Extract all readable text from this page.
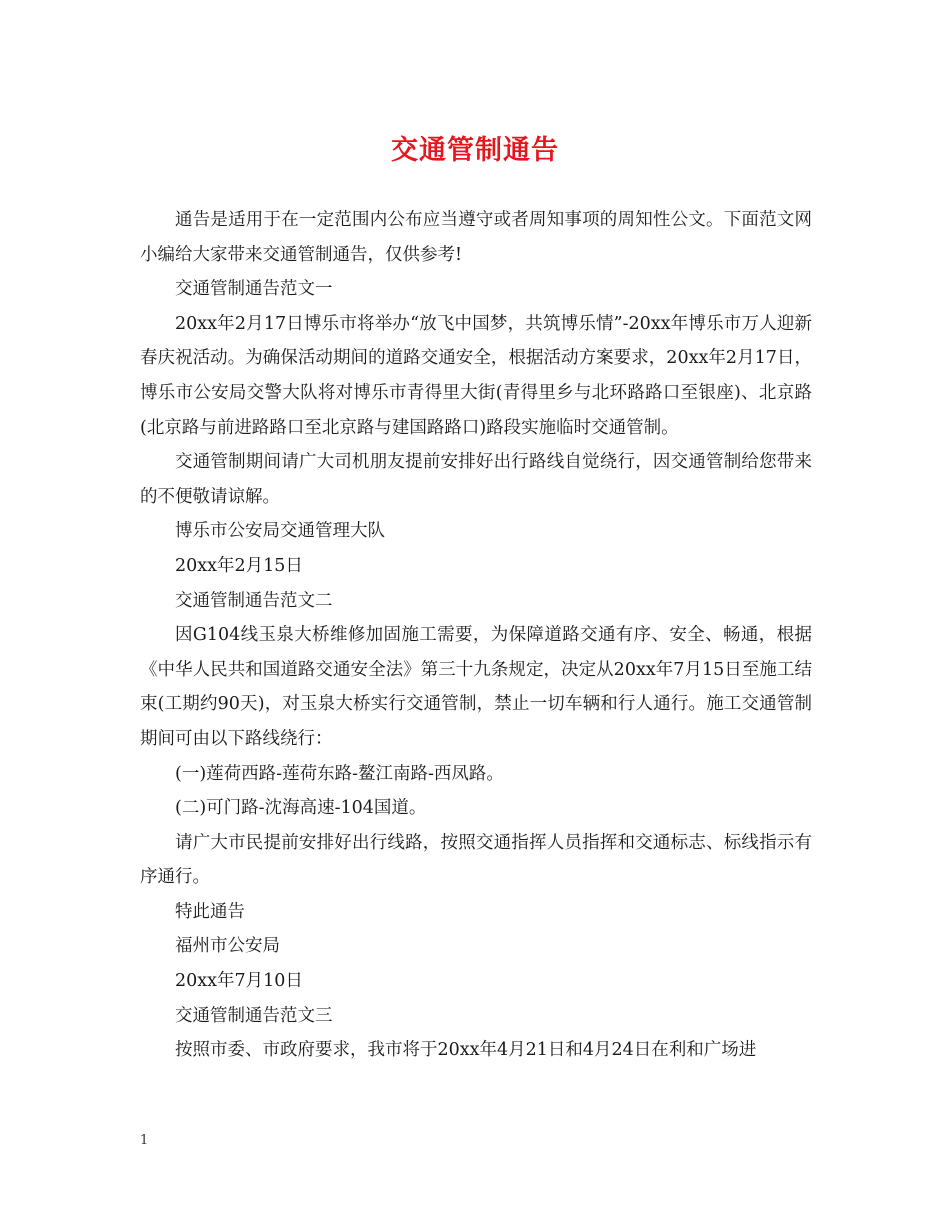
交通管制通告

通告是适用于在一定范围内公布应当遵守或者周知事项的周知性公文。下面范文网小编给大家带来交通管制通告，仅供参考!

交通管制通告范文一

20xx年2月17日博乐市将举办“放飞中国梦，共筑博乐情”-20xx年博乐市万人迎新春庆祝活动。为确保活动期间的道路交通安全，根据活动方案要求，20xx年2月17日，博乐市公安局交警大队将对博乐市青得里大街(青得里乡与北环路路口至银座)、北京路(北京路与前进路路口至北京路与建国路路口)路段实施临时交通管制。

交通管制期间请广大司机朋友提前安排好出行路线自觉绕行，因交通管制给您带来的不便敬请谅解。

博乐市公安局交通管理大队

20xx年2月15日

交通管制通告范文二

因G104线玉泉大桥维修加固施工需要，为保障道路交通有序、安全、畅通，根据《中华人民共和国道路交通安全法》第三十九条规定，决定从20xx年7月15日至施工结束(工期约90天)，对玉泉大桥实行交通管制，禁止一切车辆和行人通行。施工交通管制期间可由以下路线绕行：

(一)莲荷西路-莲荷东路-鳌江南路-西凤路。

(二)可门路-沈海高速-104国道。

请广大市民提前安排好出行线路，按照交通指挥人员指挥和交通标志、标线指示有序通行。

特此通告

福州市公安局

20xx年7月10日

交通管制通告范文三

按照市委、市政府要求，我市将于20xx年4月21日和4月24日在利和广场进

1
